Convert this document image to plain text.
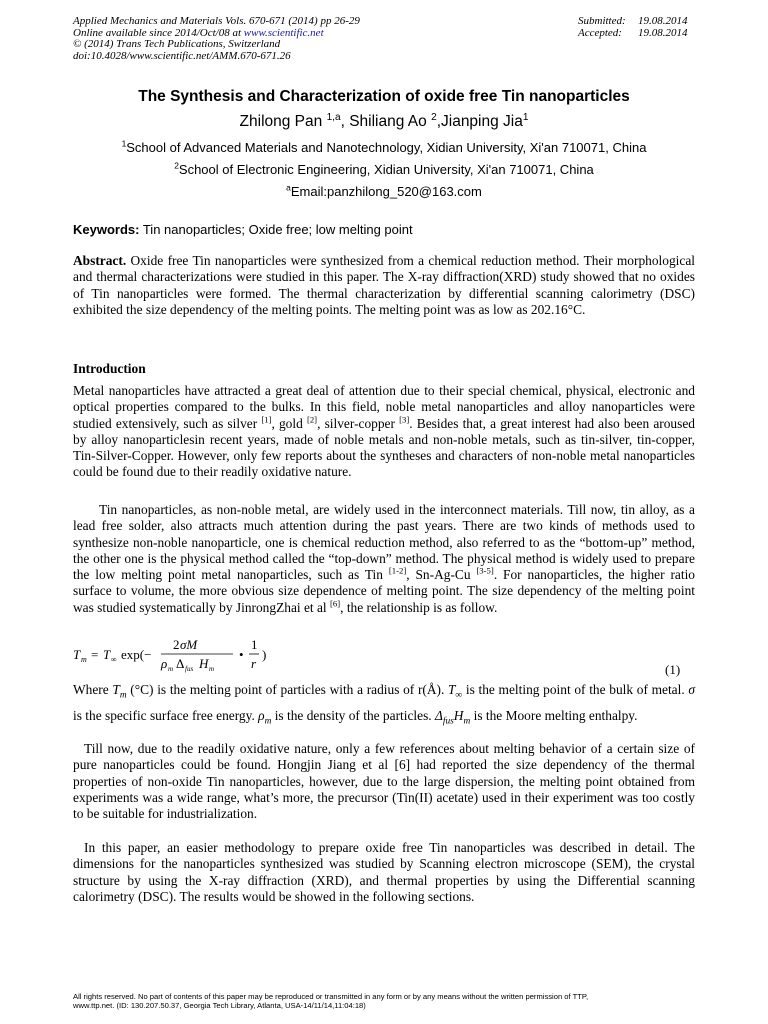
Applied Mechanics and Materials Vols. 670-671 (2014) pp 26-29
Online available since 2014/Oct/08 at www.scientific.net
© (2014) Trans Tech Publications, Switzerland
doi:10.4028/www.scientific.net/AMM.670-671.26
Submitted: 19.08.2014
Accepted: 19.08.2014
The Synthesis and Characterization of oxide free Tin nanoparticles
Zhilong Pan $^{1,a}$, Shiliang Ao $^2$,Jianping Jia$^1$
$^1$School of Advanced Materials and Nanotechnology, Xidian University, Xi'an 710071, China
$^2$School of Electronic Engineering, Xidian University, Xi'an 710071, China
$^a$Email:panzhilong_520@163.com
Keywords: Tin nanoparticles; Oxide free; low melting point
Abstract. Oxide free Tin nanoparticles were synthesized from a chemical reduction method. Their morphological and thermal characterizations were studied in this paper. The X-ray diffraction(XRD) study showed that no oxides of Tin nanoparticles were formed. The thermal characterization by differential scanning calorimetry (DSC) exhibited the size dependency of the melting points. The melting point was as low as 202.16°C.
Introduction
Metal nanoparticles have attracted a great deal of attention due to their special chemical, physical, electronic and optical properties compared to the bulks. In this field, noble metal nanoparticles and alloy nanoparticles were studied extensively, such as silver [1], gold [2], silver-copper [3]. Besides that, a great interest had also been aroused by alloy nanoparticlesin recent years, made of noble metals and non-noble metals, such as tin-silver, tin-copper, Tin-Silver-Copper. However, only few reports about the syntheses and characters of non-noble metal nanoparticles could be found due to their readily oxidative nature.
Tin nanoparticles, as non-noble metal, are widely used in the interconnect materials. Till now, tin alloy, as a lead free solder, also attracts much attention during the past years. There are two kinds of methods used to synthesize non-noble nanoparticle, one is chemical reduction method, also referred to as the “bottom-up” method, the other one is the physical method called the “top-down” method. The physical method is widely used to prepare the low melting point metal nanoparticles, such as Tin [1-2], Sn-Ag-Cu [3-5]. For nanoparticles, the higher ratio surface to volume, the more obvious size dependence of melting point. The size dependency of the melting point was studied systematically by JinrongZhai et al [6], the relationship is as follow.
T m = T ∞ exp(−
2 σM
ρ m Δ fus H m
•
1
r
)
(1)
Where $T_m$ (°C) is the melting point of particles with a radius of r(Å). $T_\infty$ is the melting point of the bulk of metal. σ is the specific surface free energy. $\rho_m$ is the density of the particles. $\Delta_{fus}H_m$ is the Moore melting enthalpy.
Till now, due to the readily oxidative nature, only a few references about melting behavior of a certain size of pure nanoparticles could be found. Hongjin Jiang et al [6] had reported the size dependency of the thermal properties of non-oxide Tin nanoparticles, however, due to the large dispersion, the melting point obtained from experiments was a wide range, what’s more, the precursor (Tin(II) acetate) used in their experiment was too costly to be suitable for industrialization.
In this paper, an easier methodology to prepare oxide free Tin nanoparticles was described in detail. The dimensions for the nanoparticles synthesized was studied by Scanning electron microscope (SEM), the crystal structure by using the X-ray diffraction (XRD), and thermal properties by using the Differential scanning calorimetry (DSC). The results would be showed in the following sections.
All rights reserved. No part of contents of this paper may be reproduced or transmitted in any form or by any means without the written permission of TTP,
www.ttp.net. (ID: 130.207.50.37, Georgia Tech Library, Atlanta, USA-14/11/14,11:04:18)
